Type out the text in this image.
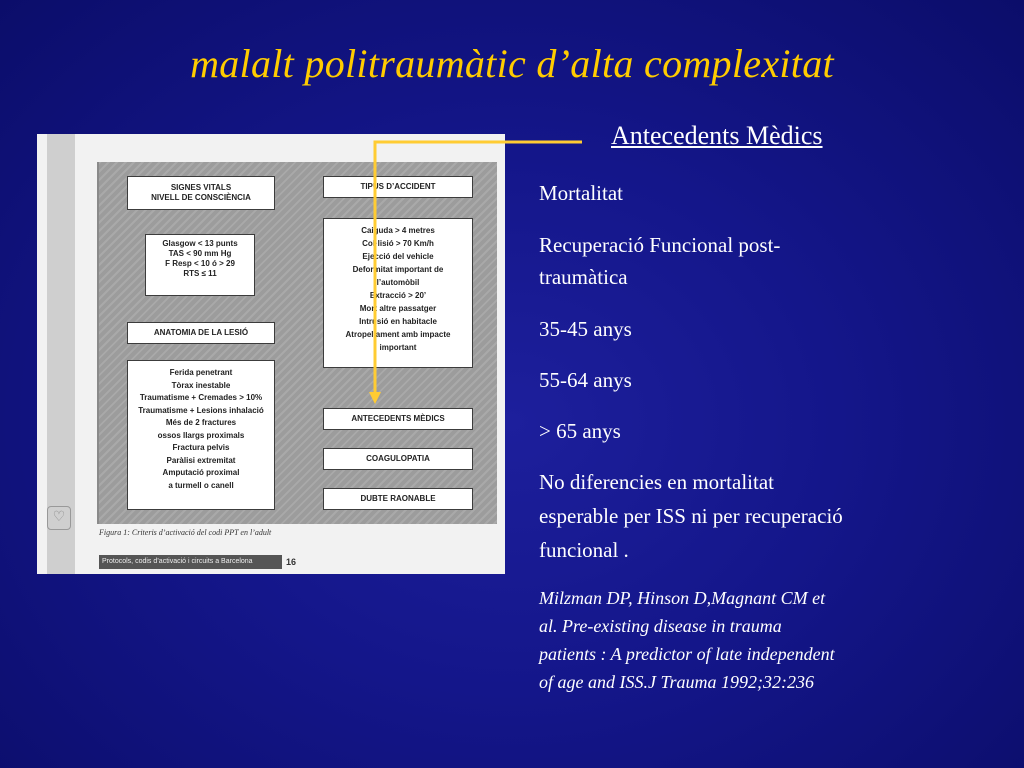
malalt politraumàtic d’alta complexitat
SIGNES VITALS
NIVELL DE CONSCIÈNCIA
Glasgow < 13 punts
TAS < 90 mm Hg
F Resp < 10 ó > 29
RTS ≤ 11
ANATOMIA DE LA LESIÓ
Ferida penetrant
Tòrax inestable
Traumatisme + Cremades > 10%
Traumatisme + Lesions inhalació
Més de 2 fractures
ossos llargs proximals
Fractura pelvis
Paràlisi extremitat
Amputació proximal
a turmell o canell
TIPUS D’ACCIDENT
Caiguda > 4 metres
Col·lisió > 70 Km/h
Ejecció del vehicle
Deformitat important de
l’automòbil
Extracció > 20’
Mort altre passatger
Intrusió en habitacle
Atropellament amb impacte
important
ANTECEDENTS MÈDICS
COAGULOPATIA
DUBTE RAONABLE
♡
Figura 1: Criteris d’activació del codi PPT en l’adult
Protocols, codis d’activació i circuits a Barcelona	16
Antecedents Mèdics
Mortalitat
Recuperació Funcional post-
traumàtica
35-45 anys
55-64 anys
> 65 anys
No diferencies en mortalitat
esperable per ISS ni per recuperació
funcional .
Milzman DP, Hinson D,Magnant CM et
al. Pre-existing disease in trauma
patients : A predictor of late independent
of age and ISS.J Trauma 1992;32:236
